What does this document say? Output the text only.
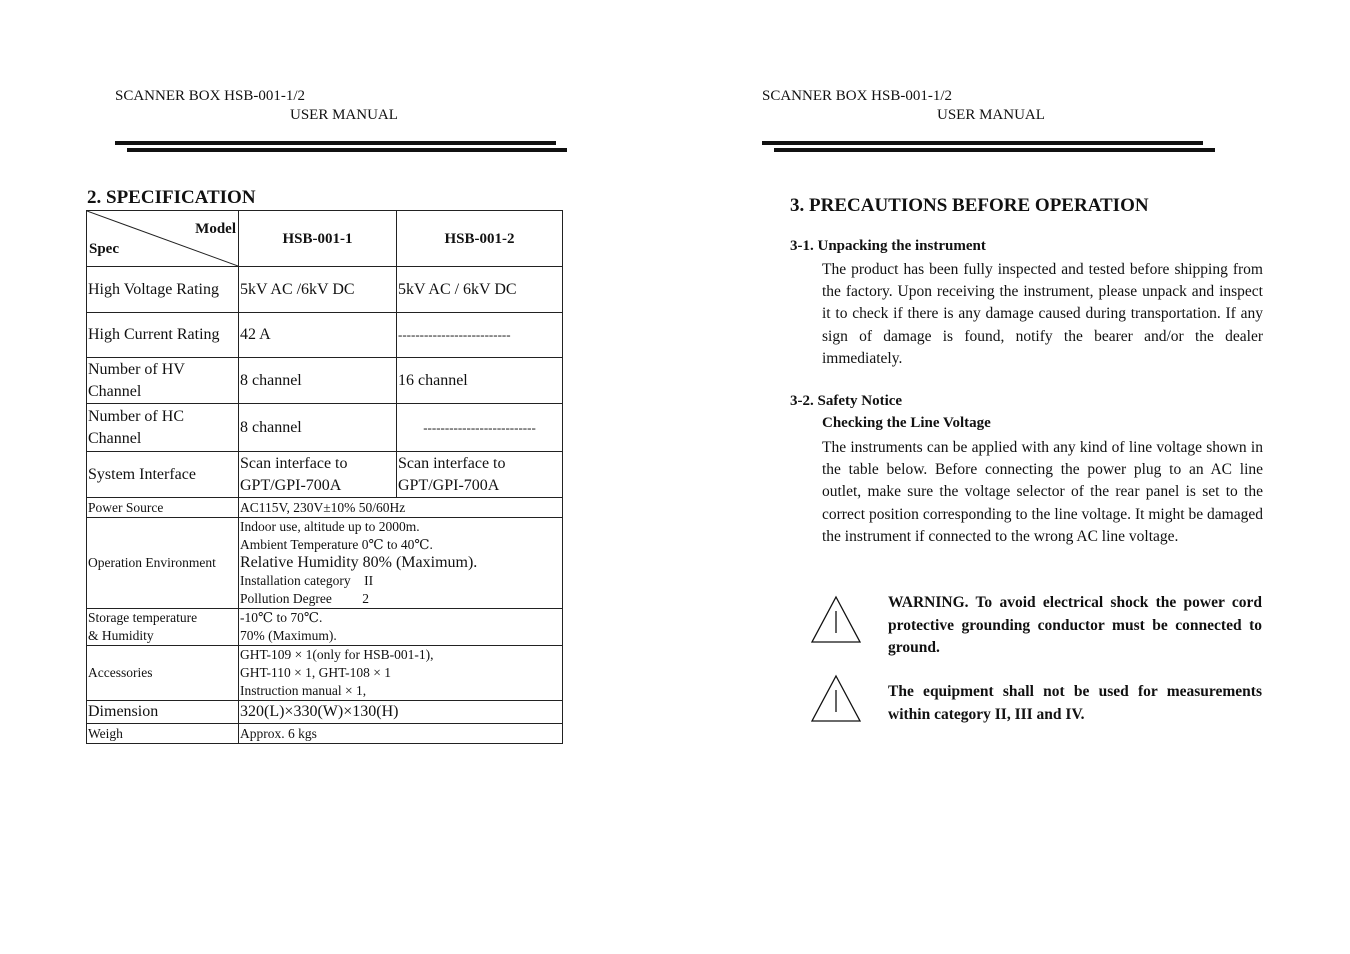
SCANNER BOX HSB-001-1/2
USER MANUAL
2. SPECIFICATION
Model
Spec	HSB-001-1	HSB-001-2
High Voltage Rating	5kV AC /6kV DC	5kV AC / 6kV DC
High Current Rating	42 A	--------------------------
Number of HV Channel	8 channel	16 channel
Number of HC Channel	8 channel	--------------------------
System Interface	Scan interface to GPT/GPI-700A	Scan interface to GPT/GPI-700A
Power Source	AC115V, 230V±10% 50/60Hz	
Operation Environment	Indoor use, altitude up to 2000m.
Ambient Temperature 0℃ to 40℃.
Relative Humidity 80% (Maximum).
Installation category　II
Pollution Degree　　 2	

Storage temperature
& Humidity	-10℃ to 70℃.
70% (Maximum).	

Accessories	GHT-109 × 1(only for HSB-001-1),
GHT-110 × 1, GHT-108 × 1
Instruction manual × 1,	

Dimension	320(L)×330(W)×130(H)	
Weigh	Approx. 6 kgs	
SCANNER BOX HSB-001-1/2
USER MANUAL
3. PRECAUTIONS BEFORE OPERATION
3-1. Unpacking the instrument
The product has been fully inspected and tested before shipping from the factory. Upon receiving the instrument, please unpack and inspect it to check if there is any damage caused during transportation. If any sign of damage is found, notify the bearer and/or the dealer immediately.
3-2. Safety Notice
Checking the Line Voltage
The instruments can be applied with any kind of line voltage shown in the table below. Before connecting the power plug to an AC line outlet, make sure the voltage selector of the rear panel is set to the correct position corresponding to the line voltage. It might be damaged the instrument if connected to the wrong AC line voltage.
WARNING. To avoid electrical shock the power cord protective grounding conductor must be connected to ground.
The equipment shall not be used for measurements within category II, III and IV.
